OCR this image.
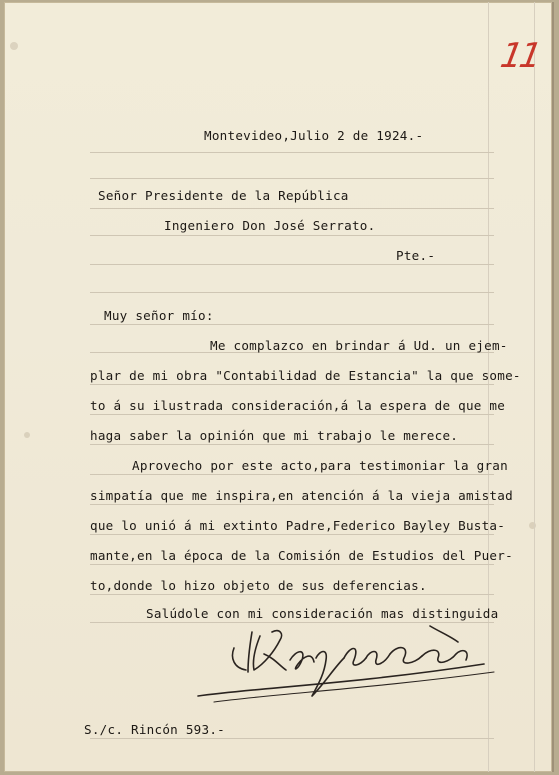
11
Montevideo,Julio 2 de 1924.-
Señor Presidente de la República
Ingeniero Don José Serrato.
Pte.-
Muy señor mío:
Me complazco en brindar á Ud. un ejem-
plar de mi obra "Contabilidad de Estancia" la que some-
to á su ilustrada consideración,á la espera de que me
haga saber la opinión que mi trabajo le merece.
Aprovecho por este acto,para testimoniar la gran
simpatía que me inspira,en atención á la vieja amistad
que lo unió á mi extinto Padre,Federico Bayley Busta-
mante,en la época de la Comisión de Estudios del Puer-
to,donde lo hizo objeto de sus deferencias.
Salúdole con mi consideración mas distinguida
S./c. Rincón 593.-
